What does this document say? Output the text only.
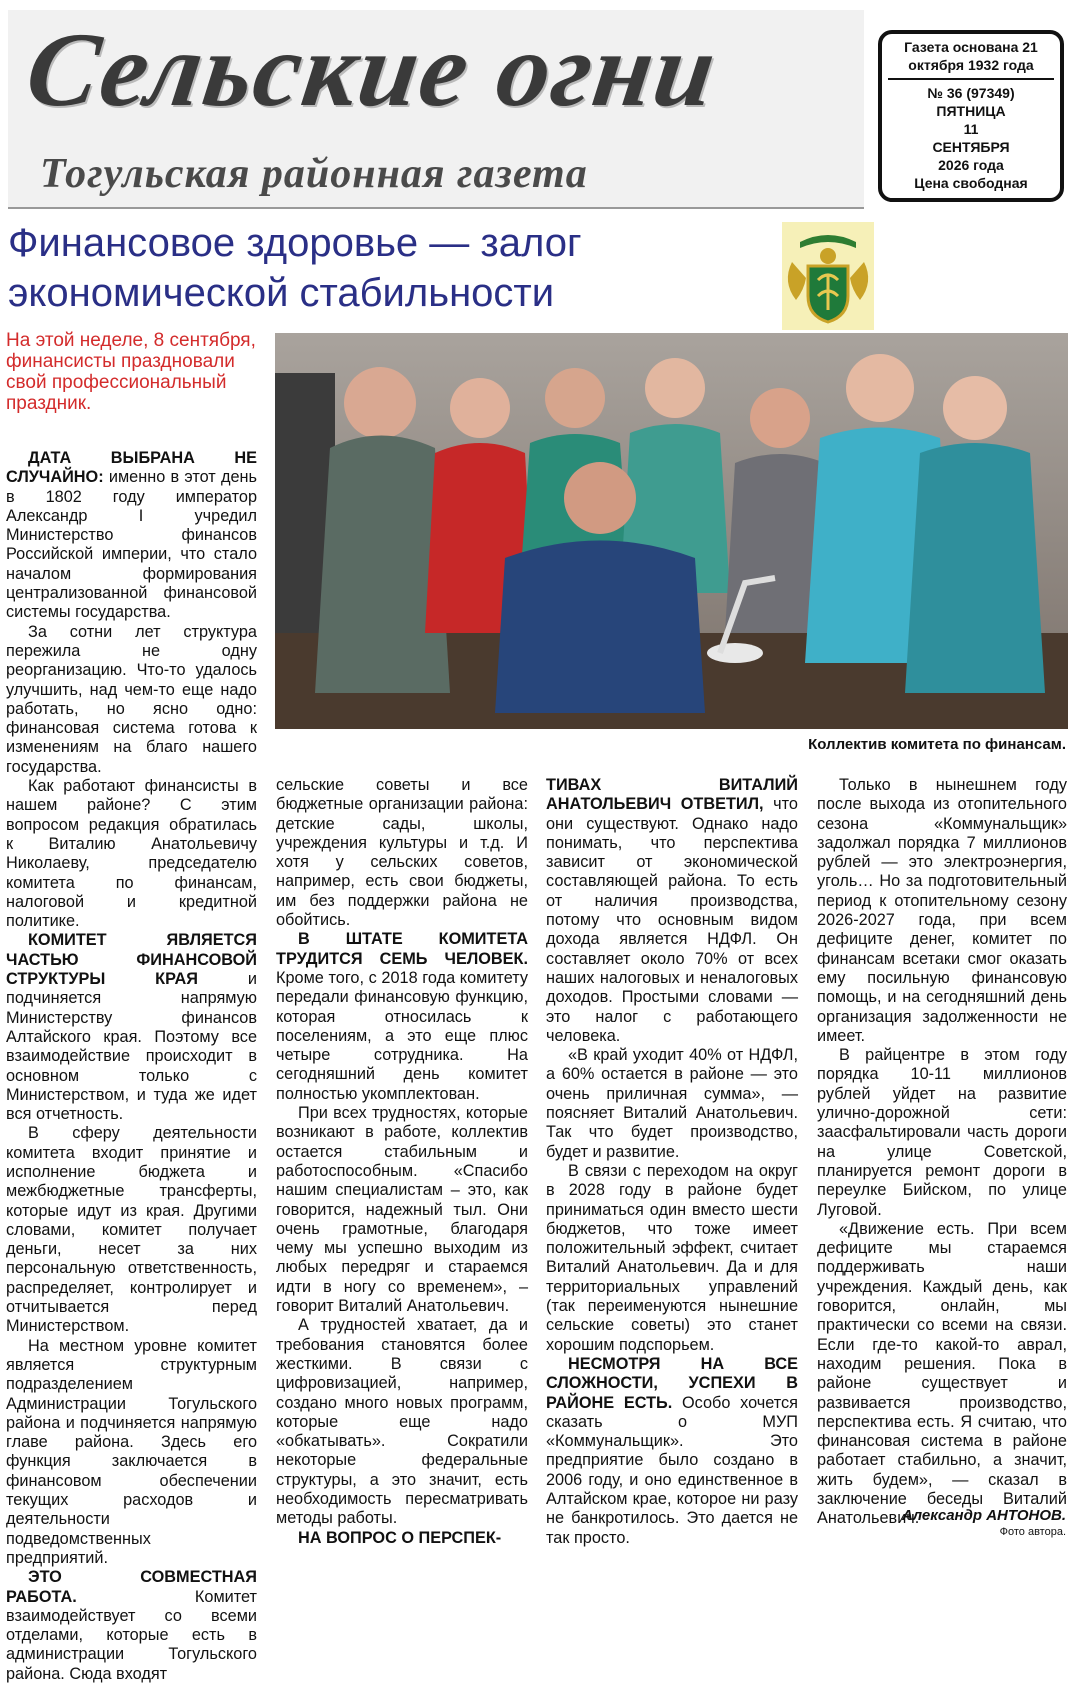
Сельские огни
Тогульская районная газета
Газета основана 21 октября 1932 года
№ 36 (97349)
ПЯТНИЦА
11
СЕНТЯБРЯ
2026 года
Цена свободная
Финансовое здоровье — залог экономической стабильности
На этой неделе, 8 сентября, финансисты праздновали свой профессиональный праздник.
Коллектив комитета по финансам.

ДАТА ВЫБРАНА НЕ СЛУЧАЙНО: именно в этот день в 1802 году император Александр I учредил Министерство финансов Российской империи, что стало началом формирования централизованной финансовой системы государства.

За сотни лет структура пережила не одну реорганизацию. Что-то удалось улучшить, над чем-то еще надо работать, но ясно одно: финансовая система готова к изменениям на благо нашего государства.

Как работают финансисты в нашем районе? С этим вопросом редакция обратилась к Виталию Анатольевичу Николаеву, председателю комитета по финансам, налоговой и кредитной политике.

КОМИТЕТ ЯВЛЯЕТСЯ ЧАСТЬЮ ФИНАНСОВОЙ СТРУКТУРЫ КРАЯ и подчиняется напрямую Министерству финансов Алтайского края. Поэтому все взаимодействие происходит в основном только с Министерством, и туда же идет вся отчетность.

В сферу деятельности комитета входит принятие и исполнение бюджета и межбюджетные трансферты, которые идут из края. Другими словами, комитет получает деньги, несет за них персональную ответственность, распределяет, контролирует и отчитывается перед Министерством.

На местном уровне комитет является структурным подразделением Администрации Тогульского района и подчиняется напрямую главе района. Здесь его функция заключается в финансовом обеспечении текущих расходов и деятельности подведомственных предприятий.

ЭТО СОВМЕСТНАЯ РАБОТА. Комитет взаимодействует со всеми отделами, которые есть в администрации Тогульского района. Сюда входят

сельские советы и все бюджетные организации района: детские сады, школы, учреждения культуры и т.д. И хотя у сельских советов, например, есть свои бюджеты, им без поддержки района не обойтись.

В ШТАТЕ КОМИТЕТА ТРУДИТСЯ СЕМЬ ЧЕЛОВЕК. Кроме того, с 2018 года комитету передали финансовую функцию, которая относилась к поселениям, а это еще плюс четыре сотрудника. На сегодняшний день комитет полностью укомплектован.

При всех трудностях, которые возникают в работе, коллектив остается стабильным и работоспособным. «Спасибо нашим специалистам – это, как говорится, надежный тыл. Они очень грамотные, благодаря чему мы успешно выходим из любых передряг и стараемся идти в ногу со временем», – говорит Виталий Анатольевич.

А трудностей хватает, да и требования становятся более жесткими. В связи с цифровизацией, например, создано много новых программ, которые еще надо «обкатывать». Сократили некоторые федеральные структуры, а это значит, есть необходимость пересматривать методы работы.

НА ВОПРОС О ПЕРСПЕК-

ТИВАХ ВИТАЛИЙ АНАТОЛЬЕВИЧ ОТВЕТИЛ, что они существуют. Однако надо понимать, что перспектива зависит от экономической составляющей района. То есть от наличия производства, потому что основным видом дохода является НДФЛ. Он составляет около 70% от всех наших налоговых и неналоговых доходов. Простыми словами — это налог с работающего человека.

«В край уходит 40% от НДФЛ, а 60% остается в районе — это очень приличная сумма», — поясняет Виталий Анатольевич. Так что будет производство, будет и развитие.

В связи с переходом на округ в 2028 году в районе будет приниматься один вместо шести бюджетов, что тоже имеет положительный эффект, считает Виталий Анатольевич. Да и для территориальных управлений (так переименуются нынешние сельские советы) это станет хорошим подспорьем.

НЕСМОТРЯ НА ВСЕ СЛОЖНОСТИ, УСПЕХИ В РАЙОНЕ ЕСТЬ. Особо хочется сказать о МУП «Коммунальщик». Это предприятие было создано в 2006 году, и оно единственное в Алтайском крае, которое ни разу не банкротилось. Это дается не так просто.

Только в нынешнем году после выхода из отопительного сезона «Коммунальщик» задолжал порядка 7 миллионов рублей — это электроэнергия, уголь… Но за подготовительный период к отопительному сезону 2026-2027 года, при всем дефиците денег, комитет по финансам всетаки смог оказать ему посильную финансовую помощь, и на сегодняшний день организация задолженности не имеет.

В райцентре в этом году порядка 10-11 миллионов рублей уйдет на развитие улично-дорожной сети: заасфальтировали часть дороги на улице Советской, планируется ремонт дороги в переулке Бийском, по улице Луговой.

«Движение есть. При всем дефиците мы стараемся поддерживать наши учреждения. Каждый день, как говорится, онлайн, мы практически со всеми на связи. Если где-то какой-то аврал, находим решения. Пока в районе существует и развивается производство, перспектива есть. Я считаю, что финансовая система в районе работает стабильно, а значит, жить будем», — сказал в заключение беседы Виталий Анатольевич.

Александр АНТОНОВ.
Фото автора.
